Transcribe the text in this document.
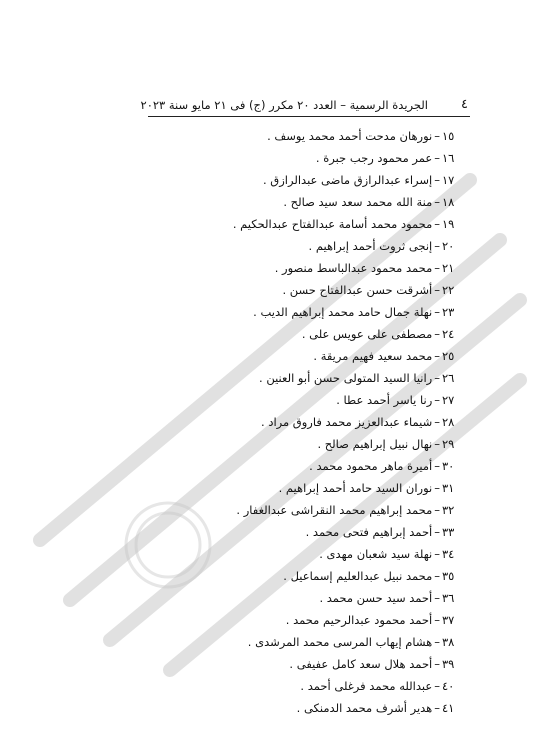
٤
الجريدة الرسمية – العدد ٢٠ مكرر (ج) فى ٢١ مايو سنة ٢٠٢٣
١٥–نورهان مدحت أحمد محمد يوسف .
١٦–عمر محمود رجب جبرة .
١٧–إسراء عبدالرازق ماضى عبدالرازق .
١٨–منة الله محمد سعد سيد صالح .
١٩–محمود محمد أسامة عبدالفتاح عبدالحكيم .
٢٠–إنجى ثروت أحمد إبراهيم .
٢١–محمد محمود عبدالباسط منصور .
٢٢–أشرقت حسن عبدالفتاح حسن .
٢٣–نهلة جمال حامد محمد إبراهيم الديب .
٢٤–مصطفى على عويس على .
٢٥–محمد سعيد فهيم مريقة .
٢٦–رانيا السيد المتولى حسن أبو العنين .
٢٧–رنا ياسر أحمد عطا .
٢٨–شيماء عبدالعزيز محمد فاروق مراد .
٢٩–نهال نبيل إبراهيم صالح .
٣٠–أميرة ماهر محمود محمد .
٣١–نوران السيد حامد أحمد إبراهيم .
٣٢–محمد إبراهيم محمد النقراشى عبدالغفار .
٣٣–أحمد إبراهيم فتحى محمد .
٣٤–نهلة سيد شعبان مهدى .
٣٥–محمد نبيل عبدالعليم إسماعيل .
٣٦–أحمد سيد حسن محمد .
٣٧–أحمد محمود عبدالرحيم محمد .
٣٨–هشام إيهاب المرسى محمد المرشدى .
٣٩–أحمد هلال سعد كامل عفيفى .
٤٠–عبدالله محمد فرغلى أحمد .
٤١–هدير أشرف محمد الدمنكى .
